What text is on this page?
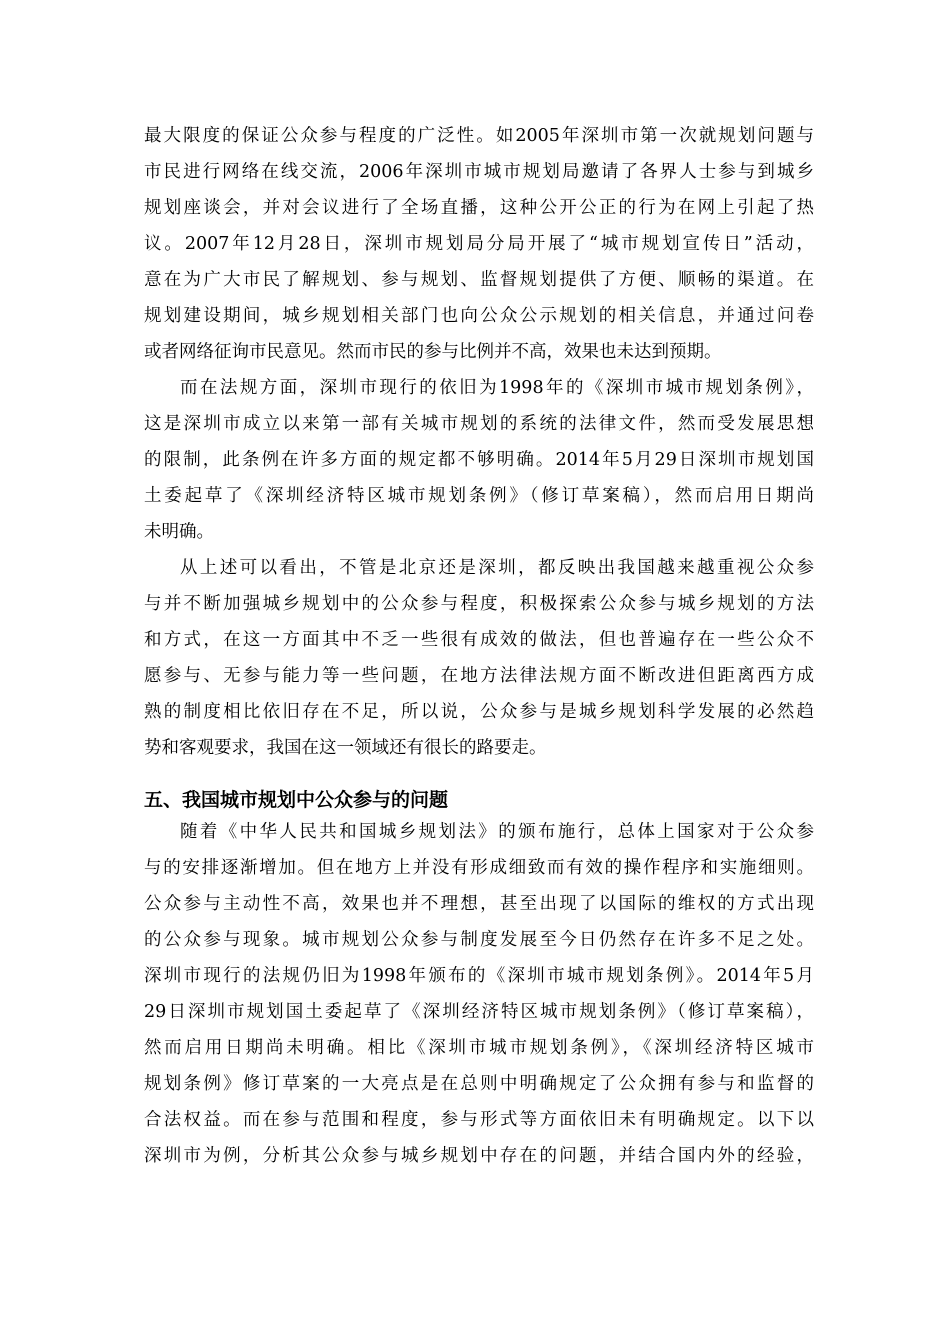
最大限度的保证公众参与程度的广泛性。如2005年深圳市第一次就规划问题与
市民进行网络在线交流，2006年深圳市城市规划局邀请了各界人士参与到城乡
规划座谈会，并对会议进行了全场直播，这种公开公正的行为在网上引起了热
议。2007年12月28日，深圳市规划局分局开展了“城市规划宣传日”活动，
意在为广大市民了解规划、参与规划、监督规划提供了方便、顺畅的渠道。在
规划建设期间，城乡规划相关部门也向公众公示规划的相关信息，并通过问卷
或者网络征询市民意见。然而市民的参与比例并不高，效果也未达到预期。
而在法规方面，深圳市现行的依旧为1998年的《深圳市城市规划条例》，
这是深圳市成立以来第一部有关城市规划的系统的法律文件，然而受发展思想
的限制，此条例在许多方面的规定都不够明确。2014年5月29日深圳市规划国
土委起草了《深圳经济特区城市规划条例》（修订草案稿），然而启用日期尚
未明确。
从上述可以看出，不管是北京还是深圳，都反映出我国越来越重视公众参
与并不断加强城乡规划中的公众参与程度，积极探索公众参与城乡规划的方法
和方式，在这一方面其中不乏一些很有成效的做法，但也普遍存在一些公众不
愿参与、无参与能力等一些问题，在地方法律法规方面不断改进但距离西方成
熟的制度相比依旧存在不足，所以说，公众参与是城乡规划科学发展的必然趋
势和客观要求，我国在这一领域还有很长的路要走。
五、我国城市规划中公众参与的问题
随着《中华人民共和国城乡规划法》的颁布施行，总体上国家对于公众参
与的安排逐渐增加。但在地方上并没有形成细致而有效的操作程序和实施细则。
公众参与主动性不高，效果也并不理想，甚至出现了以国际的维权的方式出现
的公众参与现象。城市规划公众参与制度发展至今日仍然存在许多不足之处。
深圳市现行的法规仍旧为1998年颁布的《深圳市城市规划条例》。2014年5月
29日深圳市规划国土委起草了《深圳经济特区城市规划条例》（修订草案稿），
然而启用日期尚未明确。相比《深圳市城市规划条例》，《深圳经济特区城市
规划条例》修订草案的一大亮点是在总则中明确规定了公众拥有参与和监督的
合法权益。而在参与范围和程度，参与形式等方面依旧未有明确规定。以下以
深圳市为例，分析其公众参与城乡规划中存在的问题，并结合国内外的经验，
